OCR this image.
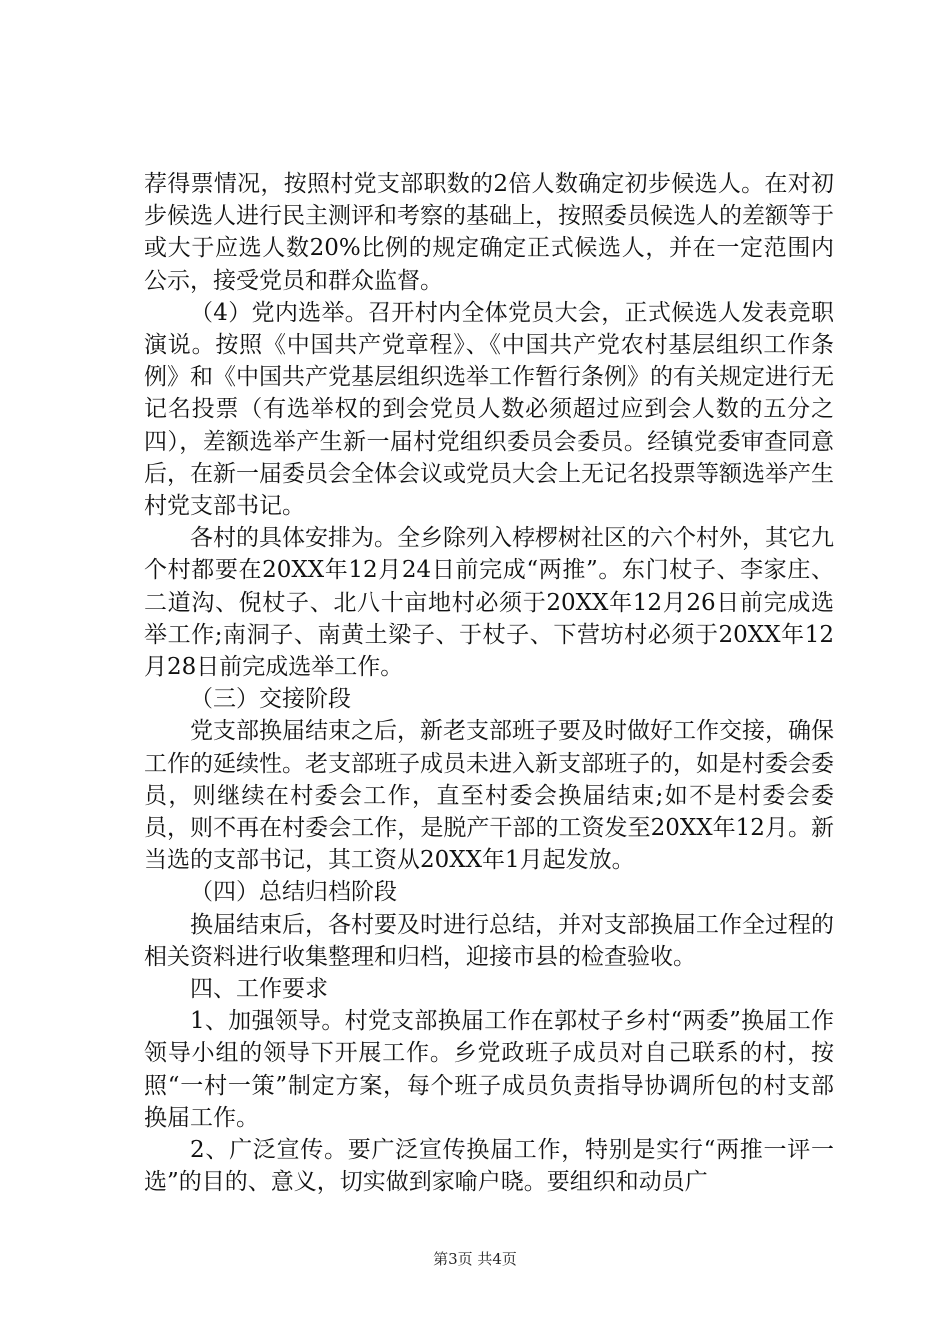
荐得票情况，按照村党支部职数的2倍人数确定初步候选人。在对初步候选人进行民主测评和考察的基础上，按照委员候选人的差额等于或大于应选人数20%比例的规定确定正式候选人，并在一定范围内公示，接受党员和群众监督。

（4）党内选举。召开村内全体党员大会，正式候选人发表竞职演说。按照《中国共产党章程》、《中国共产党农村基层组织工作条例》和《中国共产党基层组织选举工作暂行条例》的有关规定进行无记名投票（有选举权的到会党员人数必须超过应到会人数的五分之四），差额选举产生新一届村党组织委员会委员。经镇党委审查同意后，在新一届委员会全体会议或党员大会上无记名投票等额选举产生村党支部书记。

各村的具体安排为。全乡除列入桲椤树社区的六个村外，其它九个村都要在20XX年12月24日前完成“两推”。东门杖子、李家庄、二道沟、倪杖子、北八十亩地村必须于20XX年12月26日前完成选举工作;南洞子、南黄土梁子、于杖子、下营坊村必须于20XX年12月28日前完成选举工作。

（三）交接阶段

党支部换届结束之后，新老支部班子要及时做好工作交接，确保工作的延续性。老支部班子成员未进入新支部班子的，如是村委会委员，则继续在村委会工作，直至村委会换届结束;如不是村委会委员，则不再在村委会工作，是脱产干部的工资发至20XX年12月。新当选的支部书记，其工资从20XX年1月起发放。

（四）总结归档阶段

换届结束后，各村要及时进行总结，并对支部换届工作全过程的相关资料进行收集整理和归档，迎接市县的检查验收。

四、工作要求

1、加强领导。村党支部换届工作在郭杖子乡村“两委”换届工作领导小组的领导下开展工作。乡党政班子成员对自己联系的村，按照“一村一策”制定方案，每个班子成员负责指导协调所包的村支部换届工作。

2、广泛宣传。要广泛宣传换届工作，特别是实行“两推一评一选”的目的、意义，切实做到家喻户晓。要组织和动员广

第3页 共4页
